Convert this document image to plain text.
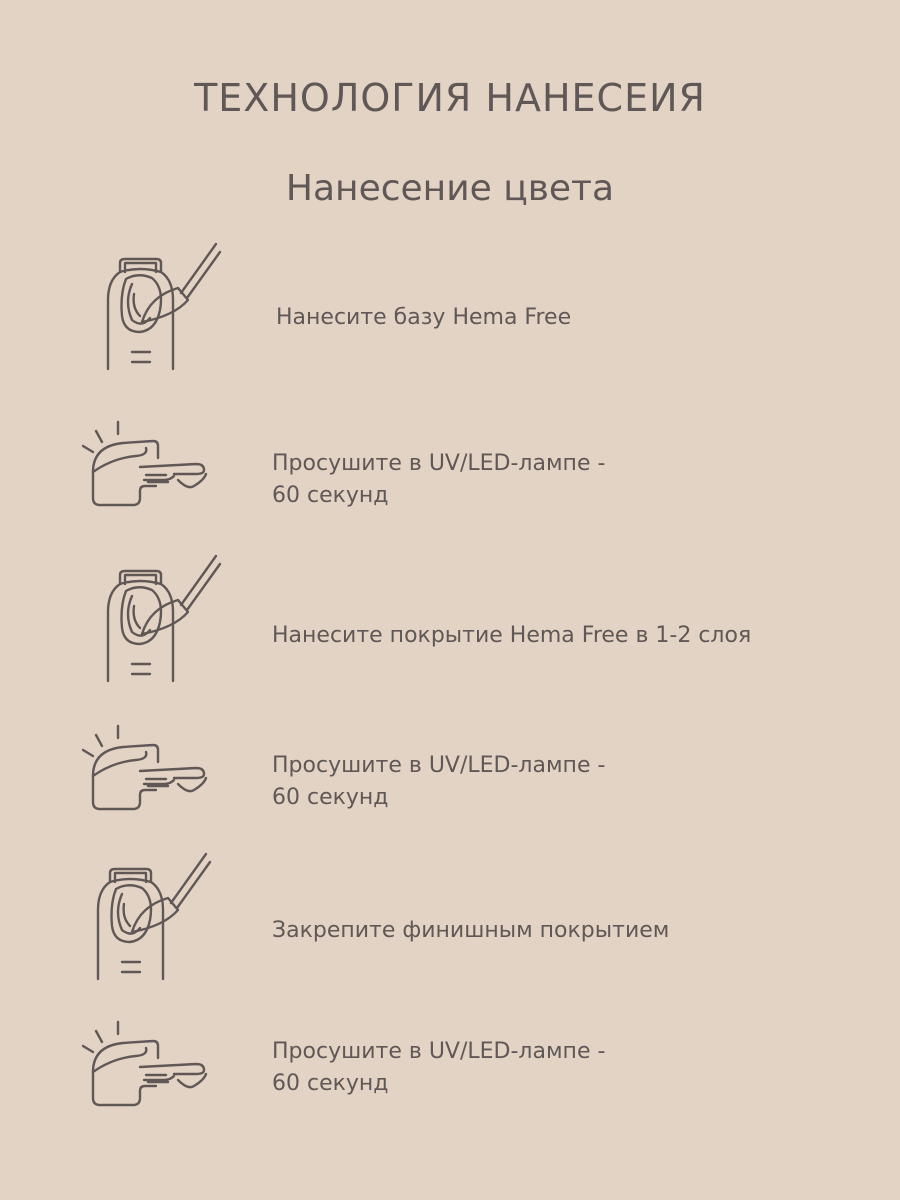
ТЕХНОЛОГИЯ НАНЕСЕИЯ
Нанесение цвета
Нанесите базу Hema Free
Просушите в UV/LED-лампе -
60 секунд
Нанесите покрытие Hema Free в 1-2 слоя
Просушите в UV/LED-лампе -
60 секунд
Закрепите финишным покрытием
Просушите в UV/LED-лампе -
60 секунд
